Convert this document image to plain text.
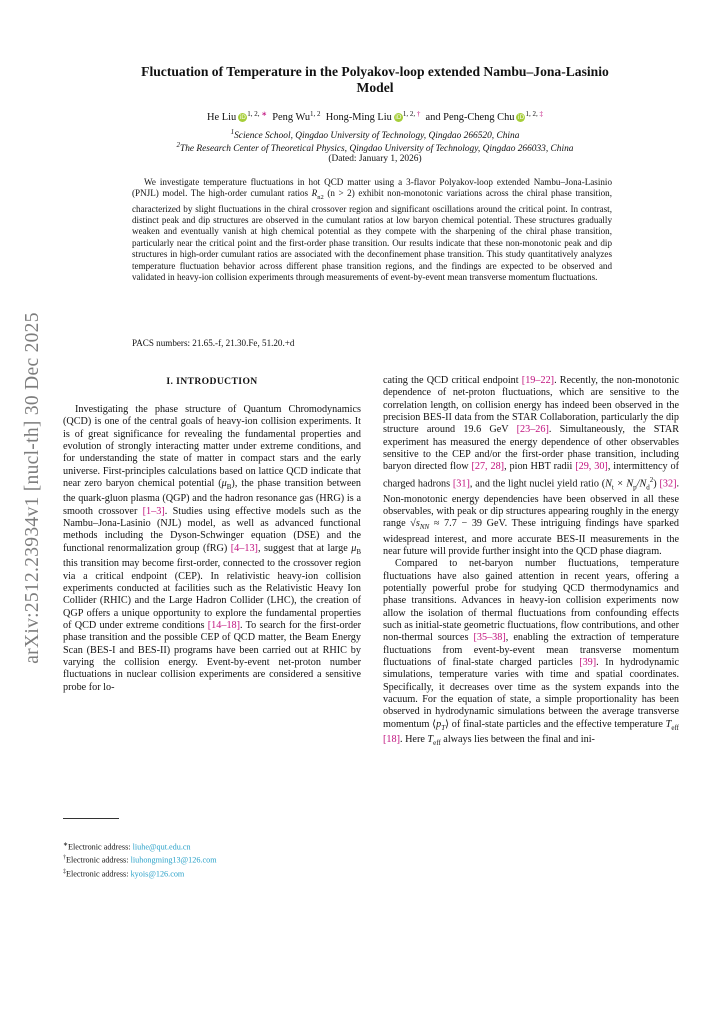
arXiv:2512.23934v1 [nucl-th] 30 Dec 2025
Fluctuation of Temperature in the Polyakov-loop extended Nambu–Jona-Lasinio
Model
He Liu $iD^{1, 2,}$ ∗ Peng Wu$^{1, 2}$ Hong-Ming Liu $iD^{1, 2,}$ † and Peng-Cheng Chu $iD^{1, 2,}$ ‡
$^1$Science School, Qingdao University of Technology, Qingdao 266520, China
$^2$The Research Center of Theoretical Physics, Qingdao University of Technology, Qingdao 266033, China
(Dated: January 1, 2026)
We investigate temperature fluctuations in hot QCD matter using a 3-flavor Polyakov-loop extended Nambu–Jona-Lasinio (PNJL) model. The high-order cumulant ratios $R_{n2}$ (n > 2) exhibit non-monotonic variations across the chiral phase transition, characterized by slight fluctuations in the chiral crossover region and significant oscillations around the critical point. In contrast, distinct peak and dip structures are observed in the cumulant ratios at low baryon chemical potential. These structures gradually weaken and eventually vanish at high chemical potential as they compete with the sharpening of the chiral phase transition, particularly near the critical point and the first-order phase transition. Our results indicate that these non-monotonic peak and dip structures in high-order cumulant ratios are associated with the deconfinement phase transition. This study quantitatively analyzes temperature fluctuation behavior across different phase transition regions, and the findings are expected to be observed and validated in heavy-ion collision experiments through measurements of event-by-event mean transverse momentum fluctuations.
PACS numbers: 21.65.-f, 21.30.Fe, 51.20.+d
I. INTRODUCTION

Investigating the phase structure of Quantum Chromodynamics (QCD) is one of the central goals of heavy-ion collision experiments. It is of great significance for revealing the fundamental properties and evolution of strongly interacting matter under extreme conditions, and for understanding the state of matter in compact stars and the early universe. First-principles calculations based on lattice QCD indicate that near zero baryon chemical potential $(\mu_B)$, the phase transition between the quark-gluon plasma (QGP) and the hadron resonance gas (HRG) is a smooth crossover [1–3]. Studies using effective models such as the Nambu–Jona-Lasinio (NJL) model, as well as advanced functional methods including the Dyson-Schwinger equation (DSE) and the functional renormalization group (fRG) [4–13], suggest that at large $\mu_B$ this transition may become first-order, connected to the crossover region via a critical endpoint (CEP). In relativistic heavy-ion collision experiments conducted at facilities such as the Relativistic Heavy Ion Collider (RHIC) and the Large Hadron Collider (LHC), the creation of QGP offers a unique opportunity to explore the fundamental properties of QCD under extreme conditions [14–18]. To search for the first-order phase transition and the possible CEP of QCD matter, the Beam Energy Scan (BES-I and BES-II) programs have been carried out at RHIC by varying the collision energy. Event-by-event net-proton number fluctuations in nuclear collision experiments are considered a sensitive probe for lo-

cating the QCD critical endpoint [19–22]. Recently, the non-monotonic dependence of net-proton fluctuations, which are sensitive to the correlation length, on collision energy has indeed been observed in the precision BES-II data from the STAR Collaboration, particularly the dip structure around 19.6 GeV [23–26]. Simultaneously, the STAR experiment has measured the energy dependence of other observables sensitive to the CEP and/or the first-order phase transition, including baryon directed flow [27, 28], pion HBT radii [29, 30], intermittency of charged hadrons [31], and the light nuclei yield ratio $(N_t \times N_p/N_d^2)$ [32]. Non-monotonic energy dependencies have been observed in all these observables, with peak or dip structures appearing roughly in the energy range $√s_{NN} \approx 7.7 - 39$ GeV. These intriguing findings have sparked widespread interest, and more accurate BES-II measurements in the near future will provide further insight into the QCD phase diagram.

Compared to net-baryon number fluctuations, temperature fluctuations have also gained attention in recent years, offering a potentially powerful probe for studying QCD thermodynamics and phase transitions. Advances in heavy-ion collision experiments now allow the isolation of thermal fluctuations from confounding effects such as initial-state geometric fluctuations, flow contributions, and other non-thermal sources [35–38], enabling the extraction of temperature fluctuations from event-by-event mean transverse momentum fluctuations of final-state charged particles [39]. In hydrodynamic simulations, temperature varies with time and spatial coordinates. Specifically, it decreases over time as the system expands into the vacuum. For the equation of state, a simple proportionality has been observed in hydrodynamic simulations between the average transverse momentum $⟨p_T⟩$ of final-state particles and the effective temperature $T_{eff}$ [18]. Here $T_{eff}$ always lies between the final and ini-

∗Electronic address: liuhe@qut.edu.cn
†Electronic address: liuhongming13@126.com
‡Electronic address: kyois@126.com
